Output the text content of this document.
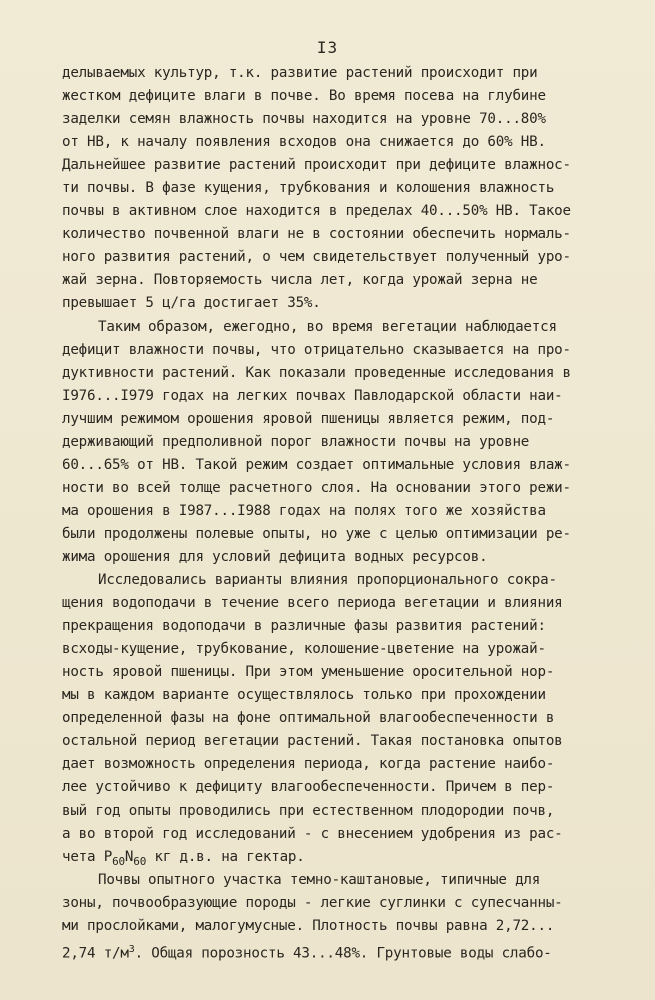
I3
делываемых культур, т.к. развитие растений происходит при
жестком дефиците влаги в почве. Во время посева на глубине
заделки семян влажность почвы находится на уровне 70...80%
от НВ, к началу появления всходов она снижается до 60% НВ.
Дальнейшее развитие растений происходит при дефиците влажнос-
ти почвы. В фазе кущения, трубкования и колошения влажность
почвы в активном слое находится в пределах 40...50% НВ. Такое
количество почвенной влаги не в состоянии обеспечить нормаль-
ного развития растений, о чем свидетельствует полученный уро-
жай зерна. Повторяемость числа лет, когда урожай зерна не
превышает 5 ц/га достигает 35%.
Таким образом, ежегодно, во время вегетации наблюдается
дефицит влажности почвы, что отрицательно сказывается на про-
дуктивности растений. Как показали проведенные исследования в
I976...I979 годах на легких почвах Павлодарской области наи-
лучшим режимом орошения яровой пшеницы является режим, под-
держивающий предполивной порог влажности почвы на уровне
60...65% от НВ. Такой режим создает оптимальные условия влаж-
ности во всей толще расчетного слоя. На основании этого режи-
ма орошения в I987...I988 годах на полях того же хозяйства
были продолжены полевые опыты, но уже с целью оптимизации ре-
жима орошения для условий дефицита водных ресурсов.
Исследовались варианты влияния пропорционального сокра-
щения водоподачи в течение всего периода вегетации и влияния
прекращения водоподачи в различные фазы развития растений:
всходы-кущение, трубкование, колошение-цветение на урожай-
ность яровой пшеницы. При этом уменьшение оросительной нор-
мы в каждом варианте осуществлялось только при прохождении
определенной фазы на фоне оптимальной влагообеспеченности в
остальной период вегетации растений. Такая постановка опытов
дает возможность определения периода, когда растение наибо-
лее устойчиво к дефициту влагообеспеченности. Причем в пер-
вый год опыты проводились при естественном плодородии почв,
а во второй год исследований - с внесением удобрения из рас-
чета $P_{60}N_{60}$ кг д.в. на гектар.
Почвы опытного участка темно-каштановые, типичные для
зоны, почвообразующие породы - легкие суглинки с супесчанны-
ми прослойками, малогумусные. Плотность почвы равна 2,72...
2,74 $т/м^3$. Общая порозность 43...48%. Грунтовые воды слабо-
